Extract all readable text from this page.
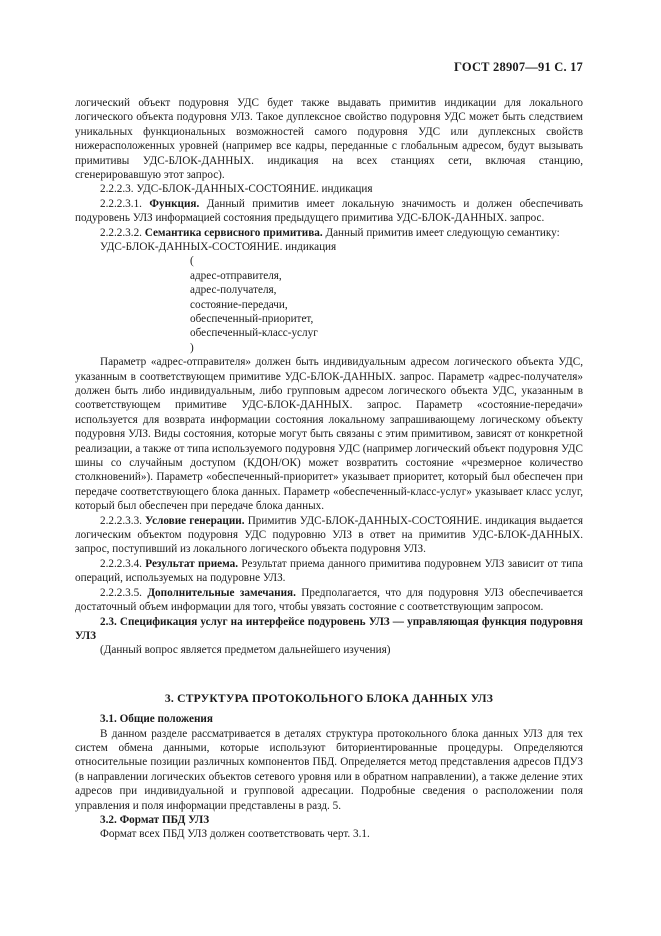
ГОСТ 28907—91 С. 17

логический объект подуровня УДС будет также выдавать примитив индикации для локального логического объекта подуровня УЛЗ. Такое дуплексное свойство подуровня УДС может быть следствием уникальных функциональных возможностей самого подуровня УДС или дуплексных свойств нижерасположенных уровней (например все кадры, переданные с глобальным адресом, будут вызывать примитивы УДС-БЛОК-ДАННЫХ. индикация на всех станциях сети, включая станцию, сгенерировавшую этот запрос).

2.2.2.3. УДС-БЛОК-ДАННЫХ-СОСТОЯНИЕ. индикация

2.2.2.3.1. Функция. Данный примитив имеет локальную значимость и должен обеспечивать подуровень УЛЗ информацией состояния предыдущего примитива УДС-БЛОК-ДАННЫХ. запрос.

2.2.2.3.2. Семантика сервисного примитива. Данный примитив имеет следующую семантику:

УДС-БЛОК-ДАННЫХ-СОСТОЯНИЕ. индикация

(
адрес-отправителя,
адрес-получателя,
состояние-передачи,
обеспеченный-приоритет,
обеспеченный-класс-услуг
)

Параметр «адрес-отправителя» должен быть индивидуальным адресом логического объекта УДС, указанным в соответствующем примитиве УДС-БЛОК-ДАННЫХ. запрос. Параметр «адрес-получателя» должен быть либо индивидуальным, либо групповым адресом логического объекта УДС, указанным в соответствующем примитиве УДС-БЛОК-ДАННЫХ. запрос. Параметр «состояние-передачи» используется для возврата информации состояния локальному запрашивающему логическому объекту подуровня УЛЗ. Виды состояния, которые могут быть связаны с этим примитивом, зависят от конкретной реализации, а также от типа используемого подуровня УДС (например логический объект подуровня УДС шины со случайным доступом (КДОН/ОК) может возвратить состояние «чрезмерное количество столкновений»). Параметр «обеспеченный-приоритет» указывает приоритет, который был обеспечен при передаче соответствующего блока данных. Параметр «обеспеченный-класс-услуг» указывает класс услуг, который был обеспечен при передаче блока данных.

2.2.2.3.3. Условие генерации. Примитив УДС-БЛОК-ДАННЫХ-СОСТОЯНИЕ. индикация выдается логическим объектом подуровня УДС подуровню УЛЗ в ответ на примитив УДС-БЛОК-ДАННЫХ. запрос, поступивший из локального логического объекта подуровня УЛЗ.

2.2.2.3.4. Результат приема. Результат приема данного примитива подуровнем УЛЗ зависит от типа операций, используемых на подуровне УЛЗ.

2.2.2.3.5. Дополнительные замечания. Предполагается, что для подуровня УЛЗ обеспечивается достаточный объем информации для того, чтобы увязать состояние с соответствующим запросом.

2.3. Спецификация услуг на интерфейсе подуровень УЛЗ — управляющая функция подуровня УЛЗ

(Данный вопрос является предметом дальнейшего изучения)

3. СТРУКТУРА ПРОТОКОЛЬНОГО БЛОКА ДАННЫХ УЛЗ

3.1. Общие положения

В данном разделе рассматривается в деталях структура протокольного блока данных УЛЗ для тех систем обмена данными, которые используют биториентированные процедуры. Определяются относительные позиции различных компонентов ПБД. Определяется метод представления адресов ПДУЗ (в направлении логических объектов сетевого уровня или в обратном направлении), а также деление этих адресов при индивидуальной и групповой адресации. Подробные сведения о расположении поля управления и поля информации представлены в разд. 5.

3.2. Формат ПБД УЛЗ

Формат всех ПБД УЛЗ должен соответствовать черт. 3.1.
